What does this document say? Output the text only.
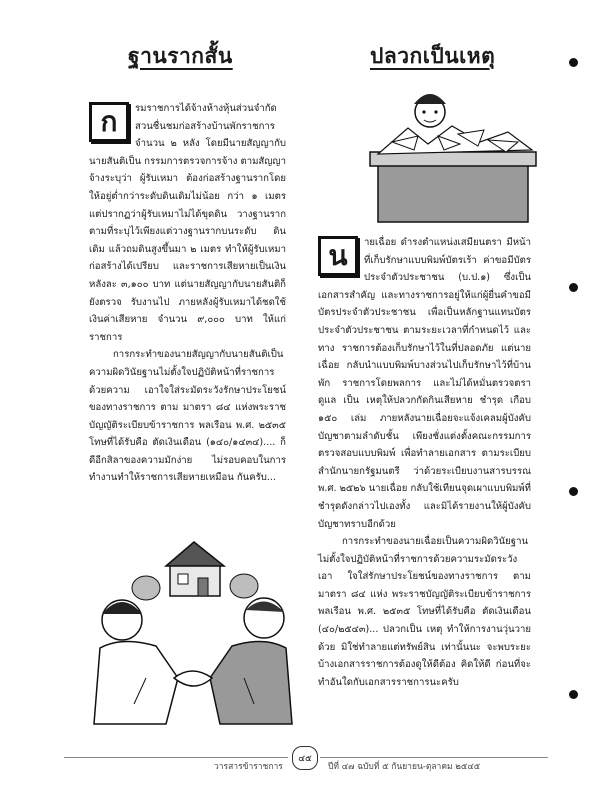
ฐานรากสั้น	ปลวกเป็นเหตุ
ก	รมราชการได้จ้างห้างหุ้นส่วนจำกัด สวนชื่นชมก่อสร้างบ้านพักราชการ จำนวน ๒ หลัง โดยมีนายสัญญากับนายสันติเป็น กรรมการตรวจการจ้าง ตามสัญญาจ้างระบุว่า ผู้รับเหมา ต้องก่อสร้างฐานรากโดยให้อยู่ต่ำกว่าระดับดินเดิมไม่น้อย กว่า ๑ เมตร แต่ปรากฏว่าผู้รับเหมาไม่ได้ขุดดิน วางฐานรากตามที่ระบุไว้เพียงแต่วางฐานรากบนระดับ ดินเดิม แล้วถมดินสูงขึ้นมา ๒ เมตร ทำให้ผู้รับเหมา ก่อสร้างได้เปรียบ และราชการเสียหายเป็นเงินหลังละ ๓,๑๐๐ บาท แต่นายสัญญากับนายสันติก็ยังตรวจ รับงานไป ภายหลังผู้รับเหมาได้ชดใช้เงินค่าเสียหาย จำนวน ๙,๐๐๐ บาท ให้แก่ราชการ

การกระทำของนายสัญญากับนายสันติเป็น ความผิดวินัยฐานไม่ตั้งใจปฏิบัติหน้าที่ราชการด้วยความ เอาใจใส่ระมัดระวังรักษาประโยชน์ของทางราชการ ตาม มาตรา ๘๔ แห่งพระราชบัญญัติระเบียบข้าราชการ พลเรือน พ.ศ. ๒๕๓๕ โทษที่ได้รับคือ ตัดเงินเดือน (๑๔๐/๑๔๓๔).... ก็ดีอีกสิลาของความมักง่าย ไม่รอบคอบในการทำงานทำให้ราชการเสียหายเหมือน กันครับ...

น	ายเฉื่อย ดำรงตำแหน่งเสมียนตรา มีหน้าที่เก็บรักษาแบบพิมพ์บัตรเร้า ค่าขอมีบัตรประจำตัวประชาชน (บ.ป.๑) ซึ่งเป็น เอกสารสำคัญ และทางราชการอยู่ให้แก่ผู้ยื่นคำขอมี บัตรประจำตัวประชาชน เพื่อเป็นหลักฐานแทนบัตร ประจำตัวประชาชน ตามระยะเวลาที่กำหนดไว้ และทาง ราชการต้องเก็บรักษาไว้ในที่ปลอดภัย แต่นายเฉื่อย กลับนำแบบพิมพ์บางส่วนไปเก็บรักษาไว้ที่บ้านพัก ราชการโดยพลการ และไม่ได้หมั่นตรวจตราดูแล เป็น เหตุให้ปลวกกัดกินเสียหาย ชำรุด เกือบ ๑๕๐ เล่ม ภายหลังนายเฉื่อยจะแจ้งเคลมผู้บังคับบัญชาตามลำดับชั้น เพียงชั่งแต่งตั้งคณะกรรมการตรวจสอบแบบพิมพ์ เพื่อทำลายเอกสาร ตามระเบียบสำนักนายกรัฐมนตรี ว่าด้วยระเบียบงานสารบรรณ พ.ศ. ๒๕๒๖ นายเฉื่อย กลับใช้เทียนจุดเผาแบบพิมพ์ที่ชำรุดดังกล่าวไปเองทั้ง และมิได้รายงานให้ผู้บังคับบัญชาทราบอีกด้วย

การกระทำของนายเฉื่อยเป็นความผิดวินัยฐาน ไม่ตั้งใจปฏิบัติหน้าที่ราชการด้วยความระมัดระวังเอา ใจใส่รักษาประโยชน์ของทางราชการ ตามมาตรา ๘๔ แห่ง พระราชบัญญัติระเบียบข้าราชการพลเรือน พ.ศ. ๒๕๓๕ โทษที่ได้รับคือ ตัดเงินเดือน (๔๐/๒๕๔๓)... ปลวกเป็น เหตุ ทำให้การงานวุ่นวายด้วย มิใช่ทำลายแต่ทรัพย์สิน เท่านั้นนะ จะพบระยะบ้างเอกสารราชการต้องดูให้ดีต้อง คิดให้ดี ก่อนที่จะทำอันใดกับเอกสารราชการนะครับ

วารสารข้าราชการ
๔๕
ปีที่ ๔๗ ฉบับที่ ๕ กันยายน-ตุลาคม ๒๕๔๕
